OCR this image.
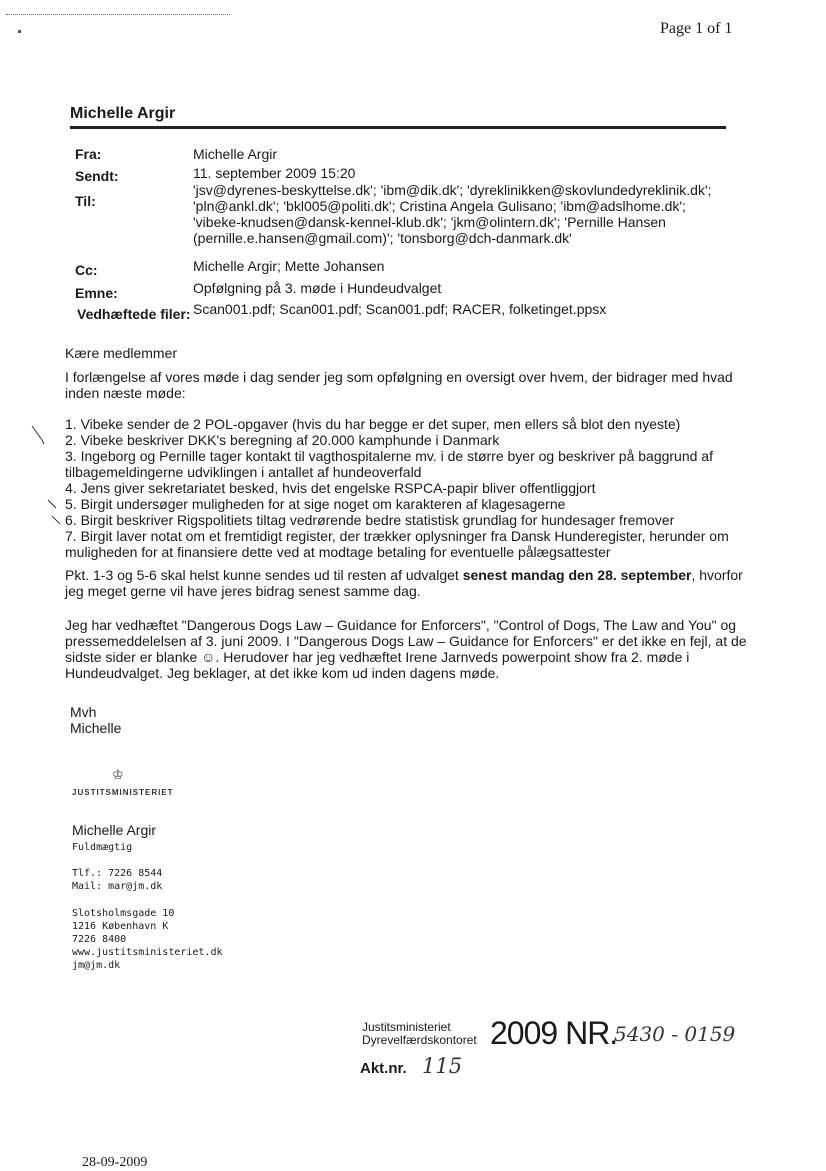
Page 1 of 1
Michelle Argir
Fra:	Michelle Argir
Sendt:	11. september 2009 15:20
Til:
'jsv@dyrenes-beskyttelse.dk'; 'ibm@dik.dk'; 'dyreklinikken@skovlundedyreklinik.dk';
'pln@ankl.dk'; 'bkl005@politi.dk'; Cristina Angela Gulisano; 'ibm@adslhome.dk';
'vibeke-knudsen@dansk-kennel-klub.dk'; 'jkm@olintern.dk'; 'Pernille Hansen
(pernille.e.hansen@gmail.com)'; 'tonsborg@dch-danmark.dk'
Cc:	Michelle Argir; Mette Johansen
Emne:	Opfølgning på 3. møde i Hundeudvalget
Vedhæftede filer: Scan001.pdf; Scan001.pdf; Scan001.pdf; RACER, folketinget.ppsx
Kære medlemmer
I forlængelse af vores møde i dag sender jeg som opfølgning en oversigt over hvem, der bidrager med hvad
inden næste møde:
1. Vibeke sender de 2 POL-opgaver (hvis du har begge er det super, men ellers så blot den nyeste)
2. Vibeke beskriver DKK's beregning af 20.000 kamphunde i Danmark
3. Ingeborg og Pernille tager kontakt til vagthospitalerne mv. i de større byer og beskriver på baggrund af
tilbagemeldingerne udviklingen i antallet af hundeoverfald
4. Jens giver sekretariatet besked, hvis det engelske RSPCA-papir bliver offentliggjort
5. Birgit undersøger muligheden for at sige noget om karakteren af klagesagerne
6. Birgit beskriver Rigspolitiets tiltag vedrørende bedre statistisk grundlag for hundesager fremover
7. Birgit laver notat om et fremtidigt register, der trækker oplysninger fra Dansk Hunderegister, herunder om
muligheden for at finansiere dette ved at modtage betaling for eventuelle pålægsattester
Pkt. 1-3 og 5-6 skal helst kunne sendes ud til resten af udvalget senest mandag den 28. september, hvorfor
jeg meget gerne vil have jeres bidrag senest samme dag.
Jeg har vedhæftet "Dangerous Dogs Law – Guidance for Enforcers", "Control of Dogs, The Law and You" og
pressemeddelelsen af 3. juni 2009. I "Dangerous Dogs Law – Guidance for Enforcers" er det ikke en fejl, at de
sidste sider er blanke ☺. Herudover har jeg vedhæftet Irene Jarnveds powerpoint show fra 2. møde i
Hundeudvalget. Jeg beklager, at det ikke kom ud inden dagens møde.
Mvh
Michelle
♔
JUSTITSMINISTERIET
Michelle Argir
Fuldmægtig
Tlf.: 7226 8544
Mail: mar@jm.dk
Slotsholmsgade 10
1216 København K
7226 8400
www.justitsministeriet.dk
jm@jm.dk
Justitsministeriet
Dyrevelfærdskontoret 2009 NR.
5430 - 0159
Akt.nr. 115
28-09-2009
